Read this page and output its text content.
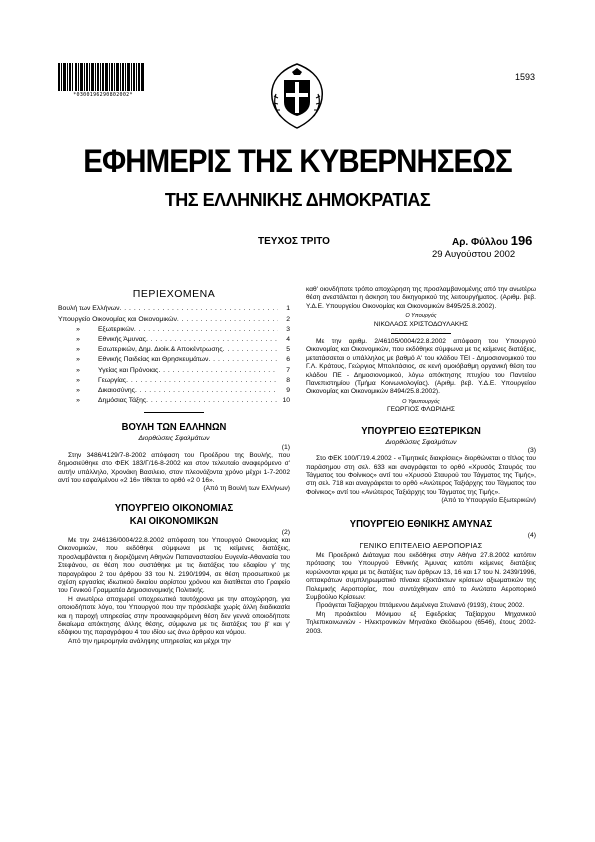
*0300196290802002*
1593
ΕΦΗΜΕΡΙΣ ΤΗΣ ΚΥΒΕΡΝΗΣΕΩΣ
ΤΗΣ ΕΛΛΗΝΙΚΗΣ ΔΗΜΟΚΡΑΤΙΑΣ
ΤΕΥΧΟΣ ΤΡΙΤΟ	Αρ. Φύλλου 196
29 Αυγούστου 2002
ΠΕΡΙΕΧΟΜΕΝΑ
Βουλή των Ελλήνων . . .	1
Υπουργείο Οικονομίας και Οικονομικών . . .	2
»	Εξωτερικών . . .	3
»	Εθνικής Άμυνας . . .	4
»	Εσωτερικών, Δημ. Διοίκ.& Αποκέντρωσης . . .	5
»	Εθνικής Παιδείας και Θρησκευμάτων . . .	6
»	Υγείας και Πρόνοιας . . .	7
»	Γεωργίας . . .	8
»	Δικαιοσύνης . . .	9
»	Δημόσιας Τάξης . . .	10
ΒΟΥΛΗ ΤΩΝ ΕΛΛΗΝΩΝ
Διορθώσεις Σφαλμάτων
(1)

Στην 3486/4129/7-8-2002 απόφαση του Προέδρου της Βουλής, που δημοσιεύθηκε στο ΦΕΚ 183/Γ/16-8-2002 και στον τελευταίο αναφερόμενο σ' αυτήν υπάλληλο, Χρονάκη Βασιλειο, στον πλεονάζοντα χρόνο μέχρι 1-7-2002 αντί του εσφαλμένου «2 16» τίθεται το ορθό «2 0 16».

(Από τη Βουλή των Ελλήνων)
ΥΠΟΥΡΓΕΙΟ ΟΙΚΟΝΟΜΙΑΣ
ΚΑΙ ΟΙΚΟΝΟΜΙΚΩΝ
(2)

Με την 2/46136/0004/22.8.2002 απόφαση του Υπουργού Οικονομίας και Οικονομικών, που εκδόθηκε σύμφωνα με τις κείμενες διατάξεις, προσλαμβάνεται η διοριζόμενη Αθηνών Παπαναστασίου Ευγενία-Αθανασία του Στεφάνου, σε θέση που συστάθηκε με τις διατάξεις του εδαφίου γ' της παραγράφου 2 του άρθρου 33 του Ν. 2190/1994, σε θέση προσωπικού με σχέση εργασίας ιδιωτικού δικαίου αορίστου χρόνου και διατίθεται στο Γραφείο του Γενικού Γραμματέα Δημοσιονομικής Πολιτικής.

Η ανωτέρω αποχωρεί υποχρεωτικά ταυτόχρονα με την αποχώρηση, για οποιοδήποτε λόγο, του Υπουργού που την πρόσελαβε χωρίς άλλη διαδικασία και η παροχή υπηρεσίας στην προαναφερόμενη θέση δεν γεννά οποιοδήποτε δικαίωμα απόκτησης άλλης θέσης, σύμφωνα με τις διατάξεις του β' και γ' εδάφιου της παραγράφου 4 του ιδίου ως άνω άρθρου και νόμου.

Από την ημερομηνία ανάληψης υπηρεσίας και μέχρι την

καθ' οιονδήποτε τρόπο αποχώρηση της προσλαμβανομένης από την ανωτέρω θέση ανεστάλεται η άσκηση του δικηγορικού της λειτουργήματος. (Αριθμ. βεβ. Υ.Δ.Ε. Υπουργείου Οικονομίας και Οικονομικών 8495/25.8.2002).

Ο Υπουργός
ΝΙΚΟΛΑΟΣ ΧΡΙΣΤΟΔΟΥΛΑΚΗΣ

Με την αριθμ. 2/46105/0004/22.8.2002 απόφαση του Υπουργού Οικονομίας και Οικονομικών, που εκδόθηκε σύμφωνα με τις κείμενες διατάξεις, μετατάσσεται ο υπάλληλος με βαθμό Α' του κλάδου ΤΕΙ - Δημοσιονομικού του Γ.Λ. Κράτους, Γεώργιος Μπολιτάσιος, σε κενή ομοιόβαθμη οργανική θέση του κλάδου ΠΕ - Δημοσιονομικού, λόγω απόκτησης πτυχίου του Παντείου Πανεπιστημίου (Τμήμα Κοινωνιολογίας). (Αριθμ. βεβ. Υ.Δ.Ε. Υπουργείου Οικονομίας και Οικονομικών 8494/25.8.2002).

Ο Υφυπουργός
ΓΕΩΡΓΙΟΣ ΦΛΩΡΙΔΗΣ
ΥΠΟΥΡΓΕΙΟ ΕΞΩΤΕΡΙΚΩΝ
Διορθώσεις Σφαλμάτων
(3)

Στο ΦΕΚ 100/Γ/19.4.2002 - «Τιμητικές διακρίσεις» διορθώνεται ο τίτλος του παράσημου στη σελ. 633 και αναγράφεται το ορθό «Χρυσός Σταυρός του Τάγματος του Φοίνικος» αντί του «Χρυσού Σταυρού του Τάγματος της Τιμής», στη σελ. 718 και αναγράφεται το ορθό «Ανώτερος Ταξιάρχης του Τάγματος του Φοίνικος» αντί του «Ανώτερος Ταξιάρχης του Τάγματος της Τιμής».

(Από το Υπουργείο Εξωτερικών)
ΥΠΟΥΡΓΕΙΟ ΕΘΝΙΚΗΣ ΑΜΥΝΑΣ
(4)
ΓΕΝΙΚΟ ΕΠΙΤΕΛΕΙΟ ΑΕΡΟΠΟΡΙΑΣ

Με Προεδρικό Διάταγμα που εκδόθηκε στην Αθήνα 27.8.2002 κατόπιν πρότασης του Υπουργού Εθνικής Άμυνας κατόπι κείμενες διατάξεις κυρώνονται κριμα με τις διατάξεις των άρθρων 13, 16 και 17 του Ν. 2439/1996, οπτακράτων συμπληρωματικό πίνακα εξεκτάκτων κρίσεων αξιωματικών της Πολεμικής Αεροπορίας, που συντάχθηκαν από το Ανώτατο Αεροπορικό Συμβούλιο Κρίσεων:

Προάγεται Ταξίαρχου Ιπτάμενου Δεμένεγα Στυλιανό (9193), έτους 2002.

Μη προάκτέου Μόνιμου εξ Εφεδρείας Ταξίαρχου Μηχανικού Τηλεπικοινωνιών - Ηλεκτρονικών Μηνσάκο Θεόδωρου (6546), έτους 2002-2003.
